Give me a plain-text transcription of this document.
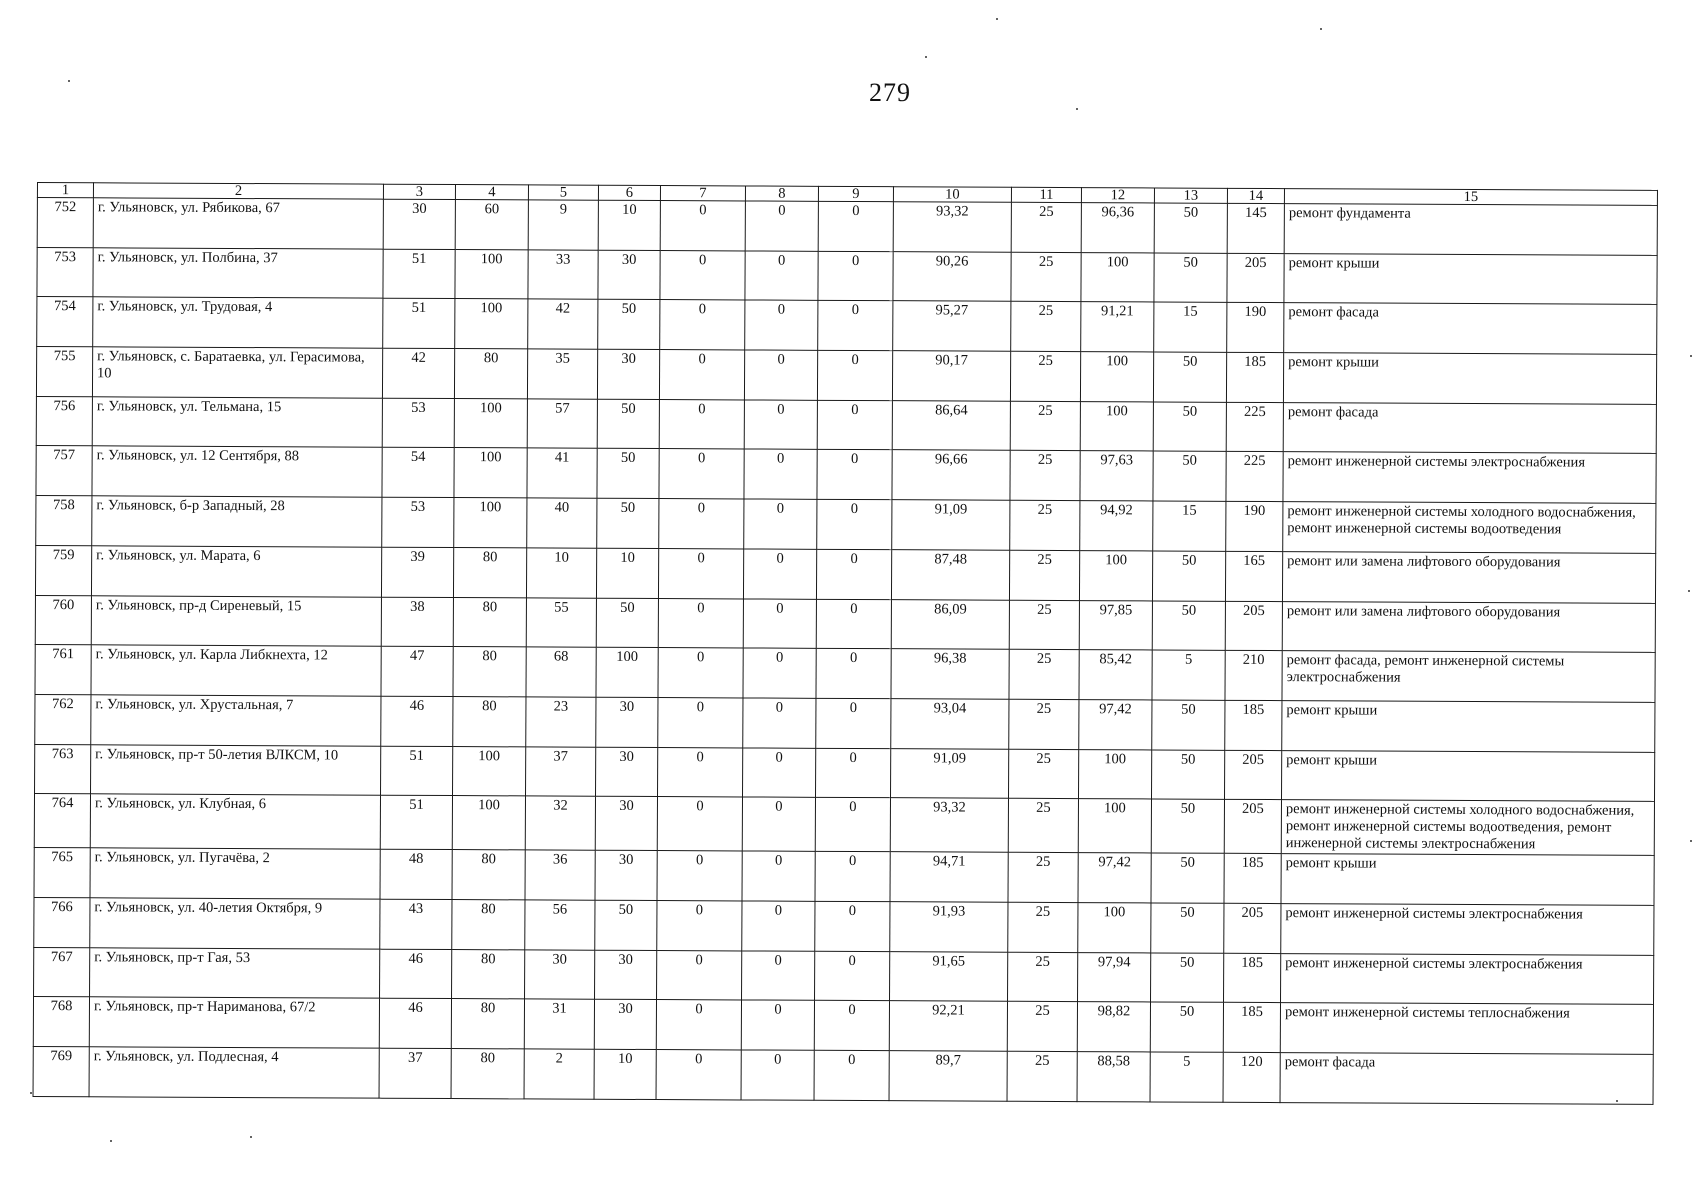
279
1	2	3	4	5	6	7	8	9	10	11	12	13	14	15
752	г. Ульяновск, ул. Рябикова, 67	30	60	9	10	0	0	0	93,32	25	96,36	50	145	ремонт фундамента
753	г. Ульяновск, ул. Полбина, 37	51	100	33	30	0	0	0	90,26	25	100	50	205	ремонт крыши
754	г. Ульяновск, ул. Трудовая, 4	51	100	42	50	0	0	0	95,27	25	91,21	15	190	ремонт фасада
755	г. Ульяновск, с. Баратаевка, ул. Герасимова, 10	42	80	35	30	0	0	0	90,17	25	100	50	185	ремонт крыши
756	г. Ульяновск, ул. Тельмана, 15	53	100	57	50	0	0	0	86,64	25	100	50	225	ремонт фасада
757	г. Ульяновск, ул. 12 Сентября, 88	54	100	41	50	0	0	0	96,66	25	97,63	50	225	ремонт инженерной системы электроснабжения
758	г. Ульяновск, б-р Западный, 28	53	100	40	50	0	0	0	91,09	25	94,92	15	190	ремонт инженерной системы холодного водоснабжения, ремонт инженерной системы водоотведения
759	г. Ульяновск, ул. Марата, 6	39	80	10	10	0	0	0	87,48	25	100	50	165	ремонт или замена лифтового оборудования
760	г. Ульяновск, пр-д Сиреневый, 15	38	80	55	50	0	0	0	86,09	25	97,85	50	205	ремонт или замена лифтового оборудования
761	г. Ульяновск, ул. Карла Либкнехта, 12	47	80	68	100	0	0	0	96,38	25	85,42	5	210	ремонт фасада, ремонт инженерной системы электроснабжения
762	г. Ульяновск, ул. Хрустальная, 7	46	80	23	30	0	0	0	93,04	25	97,42	50	185	ремонт крыши
763	г. Ульяновск, пр-т 50-летия ВЛКСМ, 10	51	100	37	30	0	0	0	91,09	25	100	50	205	ремонт крыши
764	г. Ульяновск, ул. Клубная, 6	51	100	32	30	0	0	0	93,32	25	100	50	205	ремонт инженерной системы холодного водоснабжения, ремонт инженерной системы водоотведения, ремонт инженерной системы электроснабжения
765	г. Ульяновск, ул. Пугачёва, 2	48	80	36	30	0	0	0	94,71	25	97,42	50	185	ремонт крыши
766	г. Ульяновск, ул. 40-летия Октября, 9	43	80	56	50	0	0	0	91,93	25	100	50	205	ремонт инженерной системы электроснабжения
767	г. Ульяновск, пр-т Гая, 53	46	80	30	30	0	0	0	91,65	25	97,94	50	185	ремонт инженерной системы электроснабжения
768	г. Ульяновск, пр-т Нариманова, 67/2	46	80	31	30	0	0	0	92,21	25	98,82	50	185	ремонт инженерной системы теплоснабжения
769	г. Ульяновск, ул. Подлесная, 4	37	80	2	10	0	0	0	89,7	25	88,58	5	120	ремонт фасада
